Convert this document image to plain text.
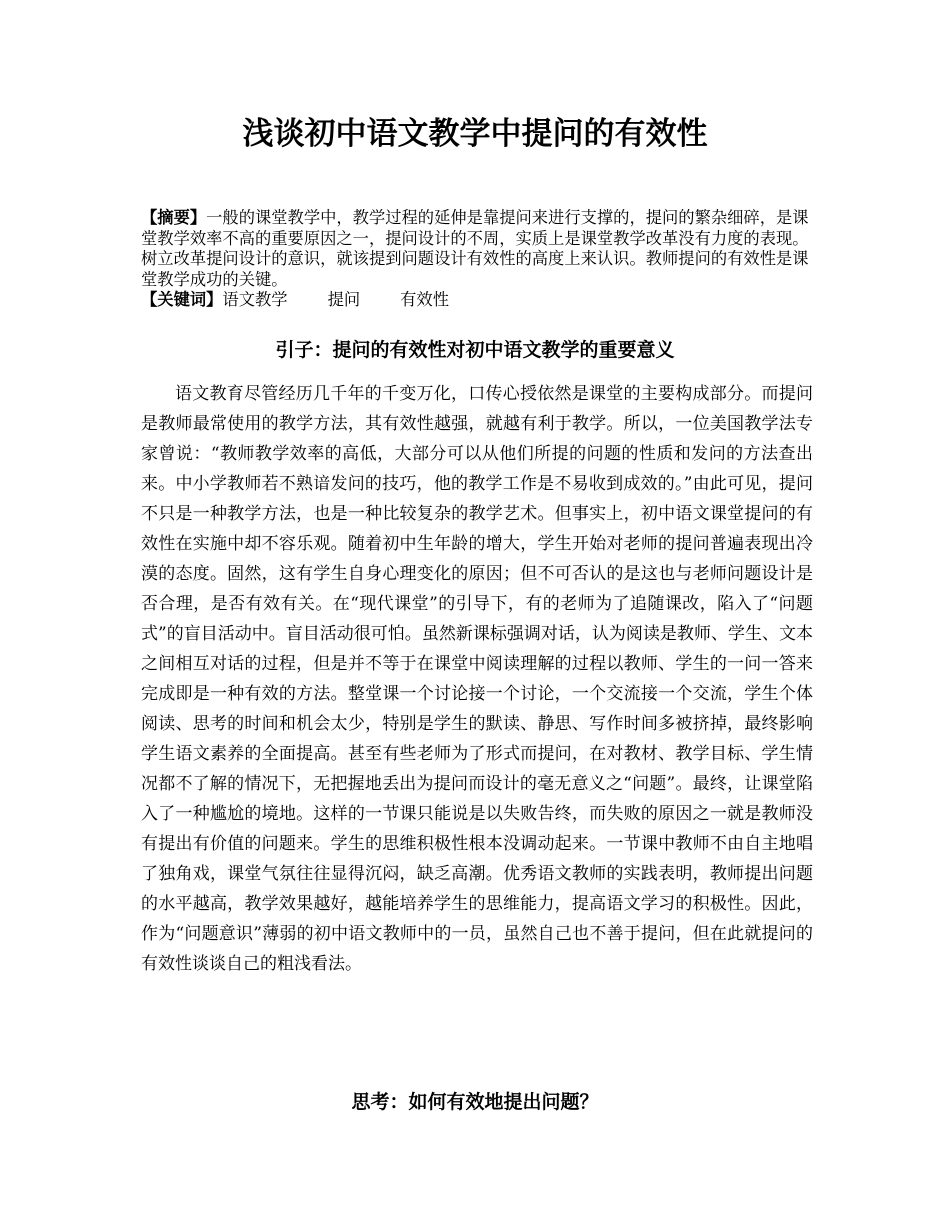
浅谈初中语文教学中提问的有效性

【摘要】一般的课堂教学中，教学过程的延伸是靠提问来进行支撑的，提问的繁杂细碎，是课堂教学效率不高的重要原因之一，提问设计的不周，实质上是课堂教学改革没有力度的表现。树立改革提问设计的意识，就该提到问题设计有效性的高度上来认识。教师提问的有效性是课堂教学成功的关键。

【关键词】语文教学 提问 有效性

引子：提问的有效性对初中语文教学的重要意义

语文教育尽管经历几千年的千变万化，口传心授依然是课堂的主要构成部分。而提问是教师最常使用的教学方法，其有效性越强，就越有利于教学。所以，一位美国教学法专家曾说：“教师教学效率的高低，大部分可以从他们所提的问题的性质和发问的方法查出来。中小学教师若不熟谙发问的技巧，他的教学工作是不易收到成效的。”由此可见，提问不只是一种教学方法，也是一种比较复杂的教学艺术。但事实上，初中语文课堂提问的有效性在实施中却不容乐观。随着初中生年龄的增大，学生开始对老师的提问普遍表现出冷漠的态度。固然，这有学生自身心理变化的原因；但不可否认的是这也与老师问题设计是否合理，是否有效有关。在“现代课堂”的引导下，有的老师为了追随课改，陷入了“问题式”的盲目活动中。盲目活动很可怕。虽然新课标强调对话，认为阅读是教师、学生、文本之间相互对话的过程，但是并不等于在课堂中阅读理解的过程以教师、学生的一问一答来完成即是一种有效的方法。整堂课一个讨论接一个讨论，一个交流接一个交流，学生个体阅读、思考的时间和机会太少，特别是学生的默读、静思、写作时间多被挤掉，最终影响学生语文素养的全面提高。甚至有些老师为了形式而提问，在对教材、教学目标、学生情况都不了解的情况下，无把握地丢出为提问而设计的毫无意义之“问题”。最终，让课堂陷入了一种尴尬的境地。这样的一节课只能说是以失败告终，而失败的原因之一就是教师没有提出有价值的问题来。学生的思维积极性根本没调动起来。一节课中教师不由自主地唱了独角戏，课堂气氛往往显得沉闷，缺乏高潮。优秀语文教师的实践表明，教师提出问题的水平越高，教学效果越好，越能培养学生的思维能力，提高语文学习的积极性。因此，作为“问题意识”薄弱的初中语文教师中的一员，虽然自己也不善于提问，但在此就提问的有效性谈谈自己的粗浅看法。

思考：如何有效地提出问题？
